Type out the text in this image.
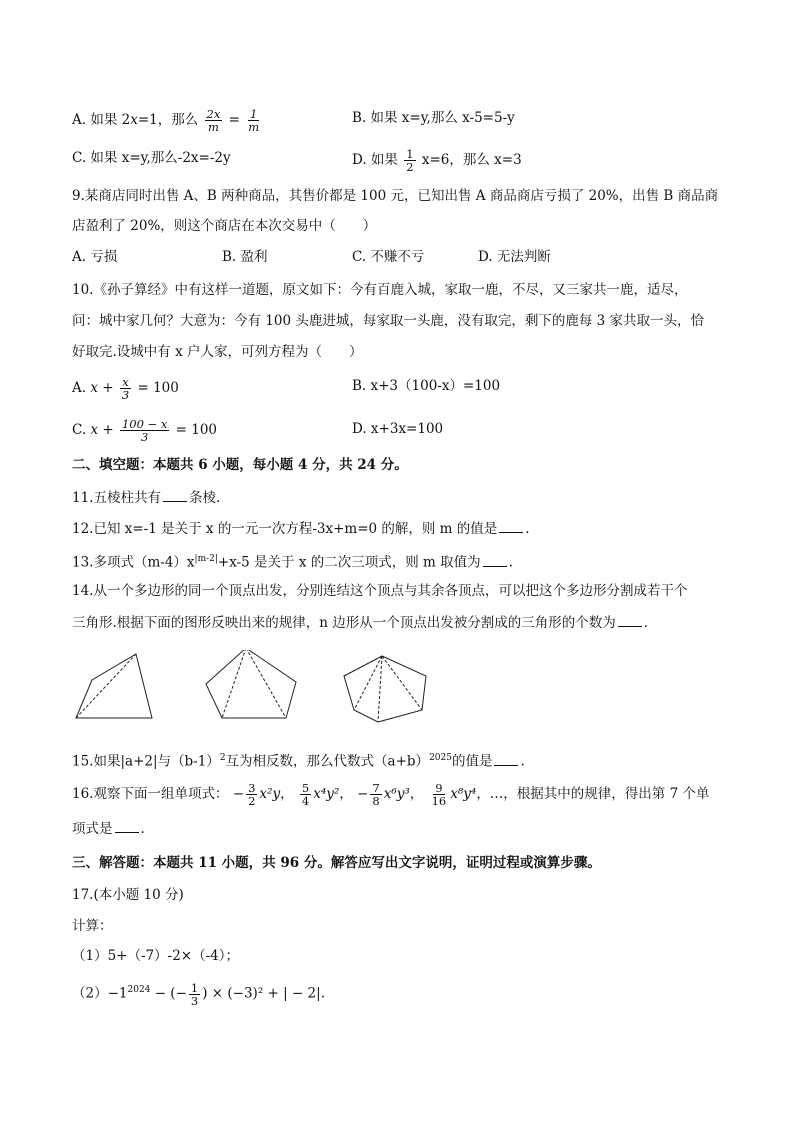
A. 如果 2x=1，那么 $\frac{2x}{m} = \frac{1}{m}$	B. 如果 x=y,那么 x-5=5-y
C. 如果 x=y,那么-2x=-2y	D. 如果 $\frac{1}{2} x=6$，那么 x=3
9.某商店同时出售 A、B 两种商品，其售价都是 100 元，已知出售 A 商品商店亏损了 20%，出售 B 商品商
店盈利了 20%，则这个商店在本次交易中（　　）
A. 亏损	B. 盈利	C. 不赚不亏	D. 无法判断
10.《孙子算经》中有这样一道题，原文如下：今有百鹿入城，家取一鹿，不尽，又三家共一鹿，适尽，
问：城中家几何？大意为：今有 100 头鹿进城，每家取一头鹿，没有取完，剩下的鹿每 3 家共取一头，恰
好取完.设城中有 x 户人家，可列方程为（　　）
A. $x + \frac{x}{3} = 100$	B. x+3（100-x）=100
C. $x + \frac{100 - x}{3} = 100$	D. x+3x=100
二、填空题：本题共 6 小题，每小题 4 分，共 24 分。
11.五棱柱共有 条棱.
12.已知 x=-1 是关于 x 的一元一次方程-3x+m=0 的解，则 m 的值是 .
13.多项式$(m-4)x^{|m-2|}+x-5$ 是关于 x 的二次三项式，则 m 取值为 .
14.从一个多边形的同一个顶点出发，分别连结这个顶点与其余各顶点，可以把这个多边形分割成若干个
三角形.根据下面的图形反映出来的规律，n 边形从一个顶点出发被分割成的三角形的个数为 .
15.如果|a+2|与$(b-1)^2$互为相反数，那么代数式$(a+b)^{2025}$的值是 .
16.观察下面一组单项式： − $\frac{3}{2} x^2y$， $\frac{5}{4} x^4y^2$， − $\frac{7}{8} x^6y^3$， $\frac{9}{16} x^8y^4$，…，根据其中的规律，得出第 7 个单
项式是 .
三、解答题：本题共 11 小题，共 96 分。解答应写出文字说明，证明过程或演算步骤。
17.(本小题 10 分)
计算：
（1）5+（-7）-2×（-4）；
$(2)-1^{2024}$ − (− $\frac{1}{3}$ ) × (−3)² + | − 2|.
